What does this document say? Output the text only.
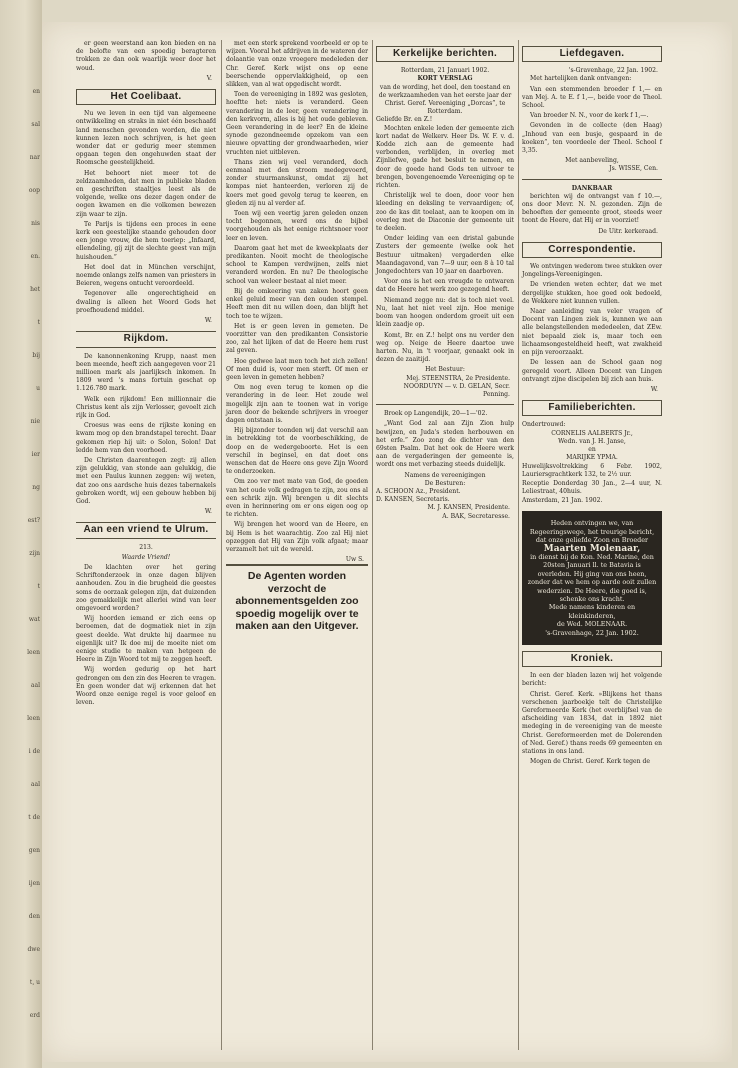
en
sal
nar
oop
nis
en.
het
t
bij
u
nie
ier
ng
est?
zijn
t
wat
leen
aal
leen
i de
aal
t de
gen
ijen
den
dwe
t, u
erd

er geen weerstand aan kon bieden en na de belofte van een spoedig beragteren trokken ze dan ook waarlijk weer door het woud.

V.
Het Coelibaat.

Nu we leven in een tijd van algemeene ontwikkeling en straks in niet één beschaafd land menschen gevonden worden, die niet kunnen lezen noch schrijven, is het geen wonder dat er gedurig meer stemmen opgaan tegen den ongehuwden staat der Roomsche geestelijkheid.

Het behoort niet meer tot de zeldzaamheden, dat men in publieke bladen en geschriften staaltjes leest als de volgende, welke ons dezer dagen onder de oogen kwamen en die volkomen bewezen zijn waar te zijn.

Te Parijs is tijdens een proces in eene kerk een geestelijke staande gehouden door een jonge vrouw, die hem toeriep: „Infaard, ellendeling, gij zijt de slechte geest van mijn huishouden.”

Het doel dat in München verschijnt, noemde onlangs zelfs namen van priesters in Beieren, wegens ontucht veroordeeld.

Tegenover alle ongerechtigheid en dwaling is alleen het Woord Gods het proefhoudend middel.

W.
Rijkdom.

De kanonnenkoning Krupp, naast men been meende, heeft zich aangegeven voor 21 millioen mark als jaarlijksch inkomen. In 1809 werd 's mans fortuin geschat op 1.126.780 mark.

Welk een rijkdom! Een millionnair die Christus kent als zijn Verlosser, gevoelt zich rijk in God.

Croesus was eens de rijkste koning en kwam mog op den brandstapel terecht. Daar gekomen riep hij uit: o Solon, Solon! Dat ledde hem van den voorhoed.

De Christen daarentegen zegt: zij allen zijn gelukkig, van stonde aan gelukkig, die met een Paulus kunnen zeggen: wij weten, dat zoo ons aardsche huis dezes tabernakels gebroken wordt, wij een gebouw hebben bij God.

W.
Aan een vriend te Ulrum.
213.
Waarde Vriend!

De klachten over het gering Schriftonderzoek in onze dagen blijven aanhouden. Zou in die brugheid die geestes soms de oorzaak gelegen zijn, dat duizenden zoo gemakkelijk met allerlei wind van leer omgevoerd worden?

Wij hoorden iemand er zich eens op beroemen, dat de dogmatiek niet in zijn geest deelde. Wat drukte hij daarmee nu eigenlijk uit? Ik doe mij de moeite niet om eenige studie te maken van hetgeen de Heere in Zijn Woord tot mij te zeggen heeft.

Wij worden gedurig op het hart gedrongen om den zin des Heeren te vragen. En geen wonder dat wij erkennen dat het Woord onze eenige regel is voor geloof en leven.

met een sterk sprekend voorbeeld er op te wijzen. Vooral het afdrijven in de wateren der dolaantie van onze vroegere medeleden der Chr. Geref. Kerk wijst ons op eene beerschende oppervlakkigheid, op een slikken, van al wat opgedischt wordt.

Toen de vereeniging in 1892 was gesloten, hoeftte het: niets is veranderd. Geen verandering in de leer, geen verandering in den kerkvorm, alles is bij het oude gebleven. Geen verandering in de leer? En de kleine synode gezondneemde opzekom van een nieuwe opvatting der grondwaarheden, wier vruchten niet uitbleven.

Thans zien wij veel veranderd, doch eenmaal met den stroom medegevoerd, zonder stuurmanskunst, omdat zij het kompas niet hanteerden, verloren zij de koers met goed gevolg terug te keeren, en gleden zij nu al verder af.

Toen wij een veertig jaren geleden onzen tocht begonnen, werd ons de bijbel voorgehouden als het eenige richtsnoer voor leer en leven.

Daarom gaat het met de kweekplaats der predikanten. Nooit mocht de theologische school te Kampen verdwijnen, zelfs niet veranderd worden. En nu? De theologische school van weleer bestaat al niet meer.

Bij de omkeering van zaken hoort geen enkel geluid meer van den ouden stempel. Heeft men dit nu willen doen, dan blijft het toch toe te wijzen.

Het is er geen leven in gemeten. De voorzitter van den predikanten Consistorie zoo, zal het lijken of dat de Heere hem rust zal geven.

Hoe gedwee laat men toch het zich zellen! Of men duid is, voor men sterft. Of men er geen leven in gemeten hebben?

Om nog even terug te komen op die verandering in de leer. Het zoude wel mogelijk zijn aan te toonen wat in vorige jaren door de bekende schrijvers in vroeger dagen ontstaan is.

Hij bijzonder toonden wij dat verschil aan in betrekking tot de voorbeschikking, de doop en de wedergeboorte. Het is een verschil in beginsel, en dat doet ons wenschen dat de Heere ons geve Zijn Woord te onderzoeken.

Om zoo ver met mate van God, de goeden van het oude volk gedragen te zijn, zou ons al een schrik zijn. Wij brengen u dit slechts even in herinnering om er ons eigen oog op te richten.

Wij brengen het woord van de Heere, en bij Hem is het waarachtig. Zoo zal Hij niet opzeggen dat Hij van Zijn volk afgaat; maar verzamelt het uit de wereld.

Uw S.
De Agenten worden verzocht de abonnementsgelden zoo spoedig mogelijk over te maken aan den Uitgever.
Kerkelijke berichten.
Rotterdam, 21 Januari 1902.
KORT VERSLAG
van de wording, het doel, den toestand en de werkzaamheden van het eerste jaar der Christ. Geref. Vereeniging „Dorcas”, te Rotterdam.
Geliefde Br. en Z.!

Mochten enkele leden der gemeente zich kort nadat de Welkerv. Heer Ds. W. F. v. d. Kodde zich aan de gemeente had verbonden, verblijden, in overleg met Zijnliefwe, gade het besluit te nemen, en door de goede hand Gods ten uitvoer te brengen, bovengenoemde Vereeniging op te richten.

Christelijk wel te doen, door voor hen kleeding en deksling te vervaardigen; of, zoo de kas dit toelaat, aan te koopen om in overleg met de Diaconie der gemeente uit te deelen.

Onder leiding van een dristal gabunde Zusters der gemeente (welke ook het Bestuur uitmaken) vergaderden elke Maandagavond, van 7—9 uur, een 8 à 10 tal Jongedochters van 10 jaar en daarboven.

Voor ons is het een vreugde te ontwaren dat de Heere het werk zoo gezegend heeft.

Niemand zegge nu: dat is toch niet veel. Nu, laat het niet veel zijn. Hoe menige boom van hoogen onderdom groeit uit een klein zaadje op.

Komt, Br. en Z.! helpt ons nu verder den weg op. Neige de Heere daartoe uwe harten. Nu, in 't voorjaar, genaakt ook in dezen de zaaitijd.

Het Bestuur:
Mej. STEENSTRA, 2e Presidente.
NOORDUYN — v. D. GELAN, Secr. Penning.

Broek op Langendijk, 20—1—'02.

„Want God zal aan Zijn Zion hulp bewijzen, en Juda's steden herbouwen en het erfe.” Zoo zong de dichter van den 69sten Psalm. Dat het ook de Heere werk aan de vergaderingen der gemeente is, wordt ons met verbazing steeds duidelijk.

Namens de vereenigingen
De Besturen:
A. SCHOON Az., President.
D. KANSEN, Secretaris.
M. J. KANSEN, Presidente.
A. BAK, Secretaresse.
Liefdegaven.
's-Gravenhage, 22 Jan. 1902.

Met hartelijken dank ontvangen:

Van een stemmenden broeder f 1,— en van Mej. A. te E. f 1,—, beide voor de Theol. School.

Van broeder N. N., voor de kerk f 1,—.

Gevonden in de collecte (den Haag) „Inhoud van een busje, gespaard in de koeken”, ten voordeele der Theol. School f 3,35.

Met aanbeveling,
Js. WISSE, Cen.
DANKBAAR

berichten wij de ontvangst van f 10.—, ons door Mevr. N. N. gezonden. Zijn de behoeften der gemeente groot, steeds weer toont de Heere, dat Hij er in voorziet!

De Uitr. kerkeraad.
Correspondentie.

We ontvingen wederom twee stukken over Jongelings-Vereenigingen.

De vrienden weten echter, dat we met dergelijke stukken, hoe goed ook bedoeld, de Wekkere niet kunnen vullen.

Naar aanleiding van veler vragen of Docent van Lingen ziek is, kunnen we aan alle belangstellenden mededeelen, dat ZEw. niet bepaald ziek is, maar toch een lichaamsongesteldheid heeft, wat zwakheid en pijn veroorzaakt.

De lessen aan de School gaan nog geregeld voort. Alleen Docent van Lingen ontvangt zijne discipelen bij zich aan huis.

W.
Familieberichten.
Ondertrouwd:
CORNELIS AALBERTS Jr.,
Wedn. van J. H. Janse,
en
MARIJKE YPMA.
Huwelijksvoltrekking 6 Febr. 1902, Lauriersgrachtkerk 132, te 2½ uur.
Receptie Donderdag 30 Jan., 2—4 uur, N. Leliestraat, 40huis.
Amsterdam, 21 Jan. 1902.
Heden ontvingen we, van Regeeringswege, het treurige bericht, dat onze geliefde Zoon en Broeder
Maarten Molenaar,
in dienst bij de Kon. Ned. Marine, den 20sten Januari ll. te Batavia is overleden. Hij ging van ons heen, zonder dat we hem op aarde ooit zullen wederzien. De Heere, die goed is, schenke ons kracht.
Mede namens kinderen en kleinkinderen,
de Wed. MOLENAAR.
's-Gravenhage, 22 Jan. 1902.
Kroniek.

In een der bladen lazen wij het volgende bericht:

Christ. Geref. Kerk. »Blijkens het thans verschenen jaarboekje telt de Christelijke Gereformeerde Kerk (het overblijfsel van de afscheiding van 1834, dat in 1892 niet medeging in de vereeniging van de meeste Christ. Gereformeerden met de Dolerenden of Ned. Geref.) thans reeds 69 gemeenten en stations in ons land.

Mogen de Christ. Geref. Kerk tegen de
